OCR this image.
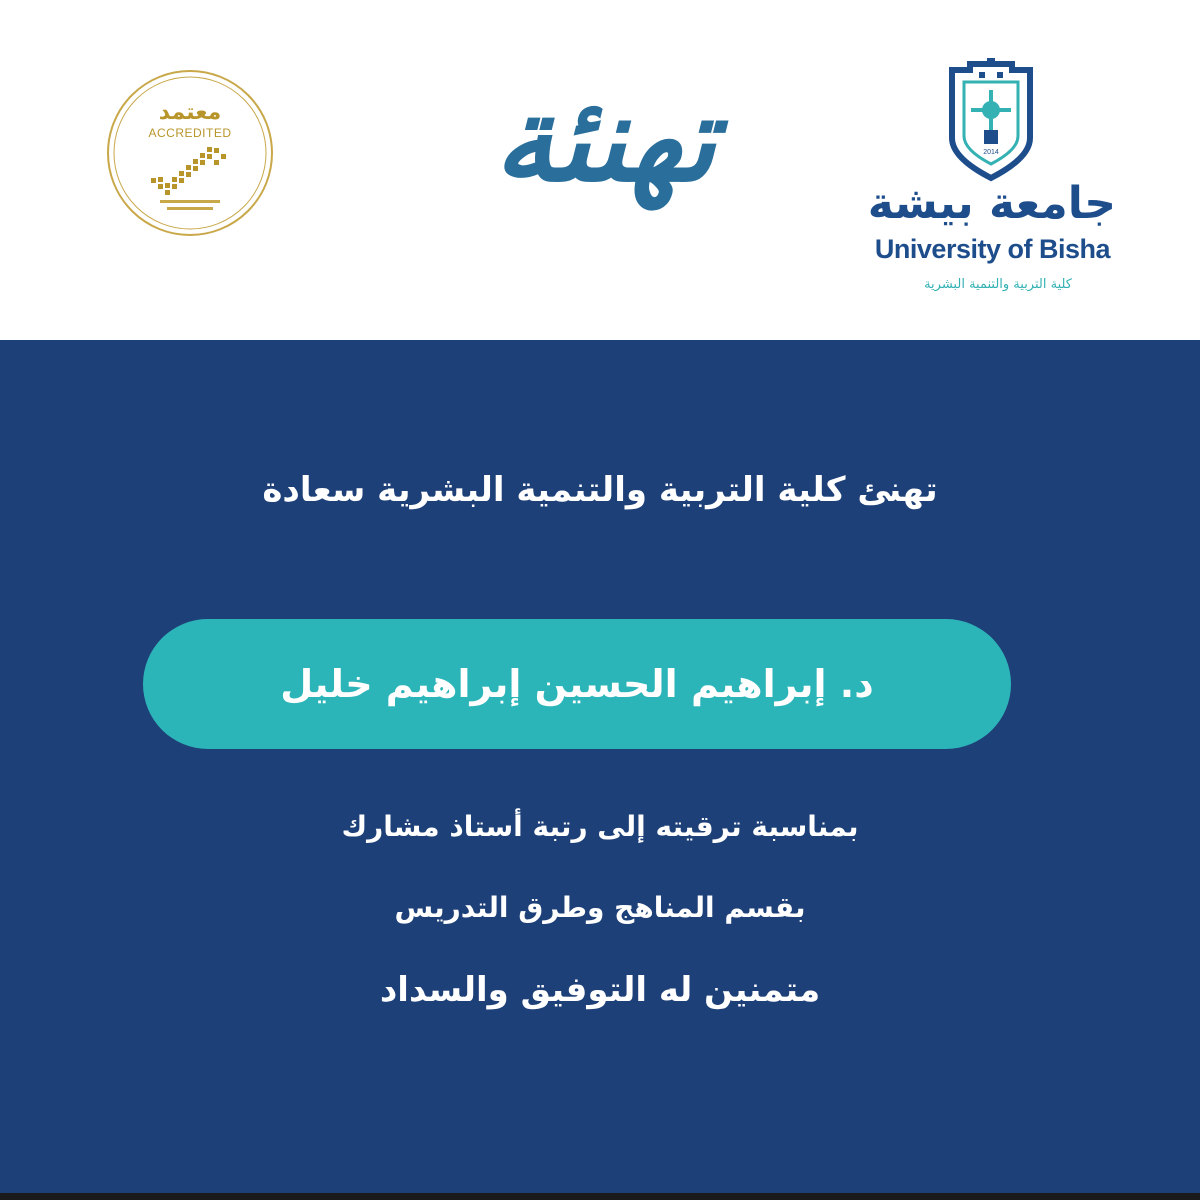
معتمد
ACCREDITED	تهنئة	2014
جامعة بيشة
University of Bisha
كلية التربية والتنمية البشرية
تهنئ كلية التربية والتنمية البشرية سعادة
د. إبراهيم الحسين إبراهيم خليل
بمناسبة ترقيته إلى رتبة أستاذ مشارك
بقسم المناهج وطرق التدريس
متمنين له التوفيق والسداد
